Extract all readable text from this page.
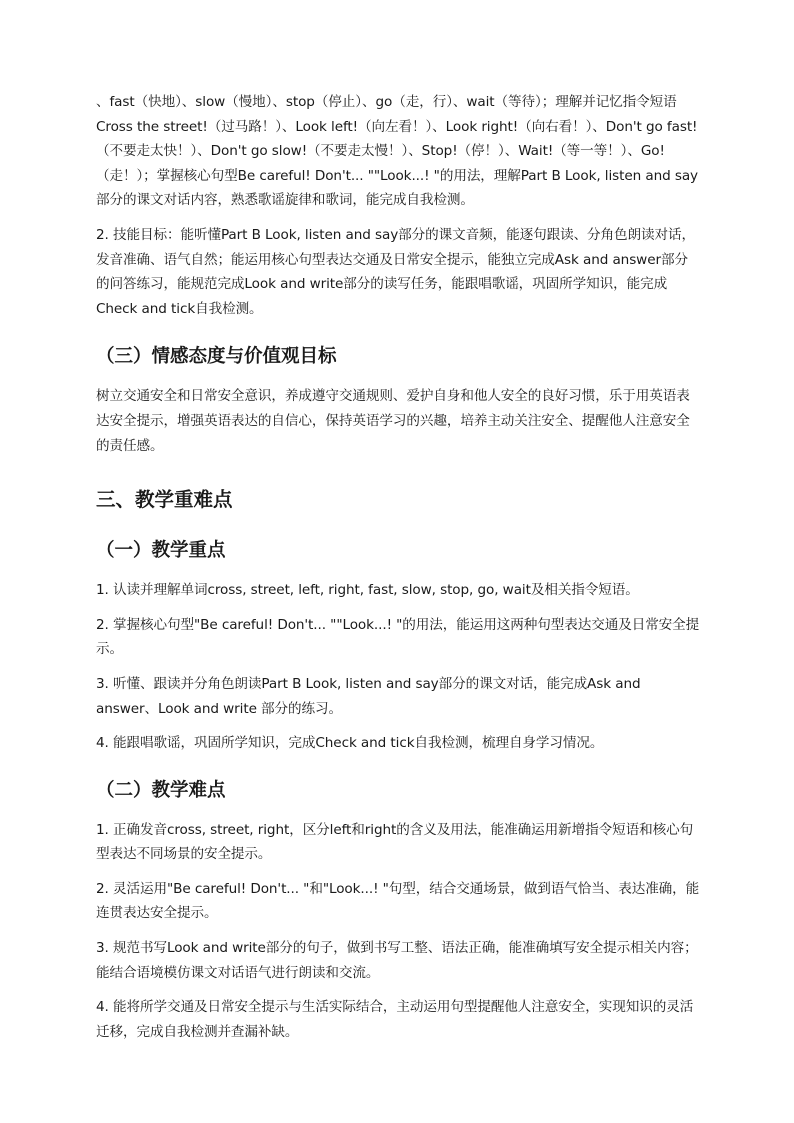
、fast（快地）、slow（慢地）、stop（停止）、go（走，行）、wait（等待）；理解并记忆指令短语Cross the street!（过马路！）、Look left!（向左看！）、Look right!（向右看！）、Don't go fast!（不要走太快！）、Don't go slow!（不要走太慢！）、Stop!（停！）、Wait!（等一等！）、Go!（走！）；掌握核心句型Be careful! Don't... ""Look...! "的用法，理解Part B Look, listen and say部分的课文对话内容，熟悉歌谣旋律和歌词，能完成自我检测。

2. 技能目标：能听懂Part B Look, listen and say部分的课文音频，能逐句跟读、分角色朗读对话，发音准确、语气自然；能运用核心句型表达交通及日常安全提示，能独立完成Ask and answer部分的问答练习，能规范完成Look and write部分的读写任务，能跟唱歌谣，巩固所学知识，能完成Check and tick自我检测。

（三）情感态度与价值观目标

树立交通安全和日常安全意识，养成遵守交通规则、爱护自身和他人安全的良好习惯，乐于用英语表达安全提示，增强英语表达的自信心，保持英语学习的兴趣，培养主动关注安全、提醒他人注意安全的责任感。

三、教学重难点
（一）教学重点

1. 认读并理解单词cross, street, left, right, fast, slow, stop, go, wait及相关指令短语。

2. 掌握核心句型"Be careful! Don't... ""Look...! "的用法，能运用这两种句型表达交通及日常安全提示。

3. 听懂、跟读并分角色朗读Part B Look, listen and say部分的课文对话，能完成Ask and answer、Look and write 部分的练习。

4. 能跟唱歌谣，巩固所学知识，完成Check and tick自我检测，梳理自身学习情况。

（二）教学难点

1. 正确发音cross, street, right，区分left和right的含义及用法，能准确运用新增指令短语和核心句型表达不同场景的安全提示。

2. 灵活运用"Be careful! Don't... "和"Look...! "句型，结合交通场景，做到语气恰当、表达准确，能连贯表达安全提示。

3. 规范书写Look and write部分的句子，做到书写工整、语法正确，能准确填写安全提示相关内容；能结合语境模仿课文对话语气进行朗读和交流。

4. 能将所学交通及日常安全提示与生活实际结合，主动运用句型提醒他人注意安全，实现知识的灵活迁移，完成自我检测并查漏补缺。
